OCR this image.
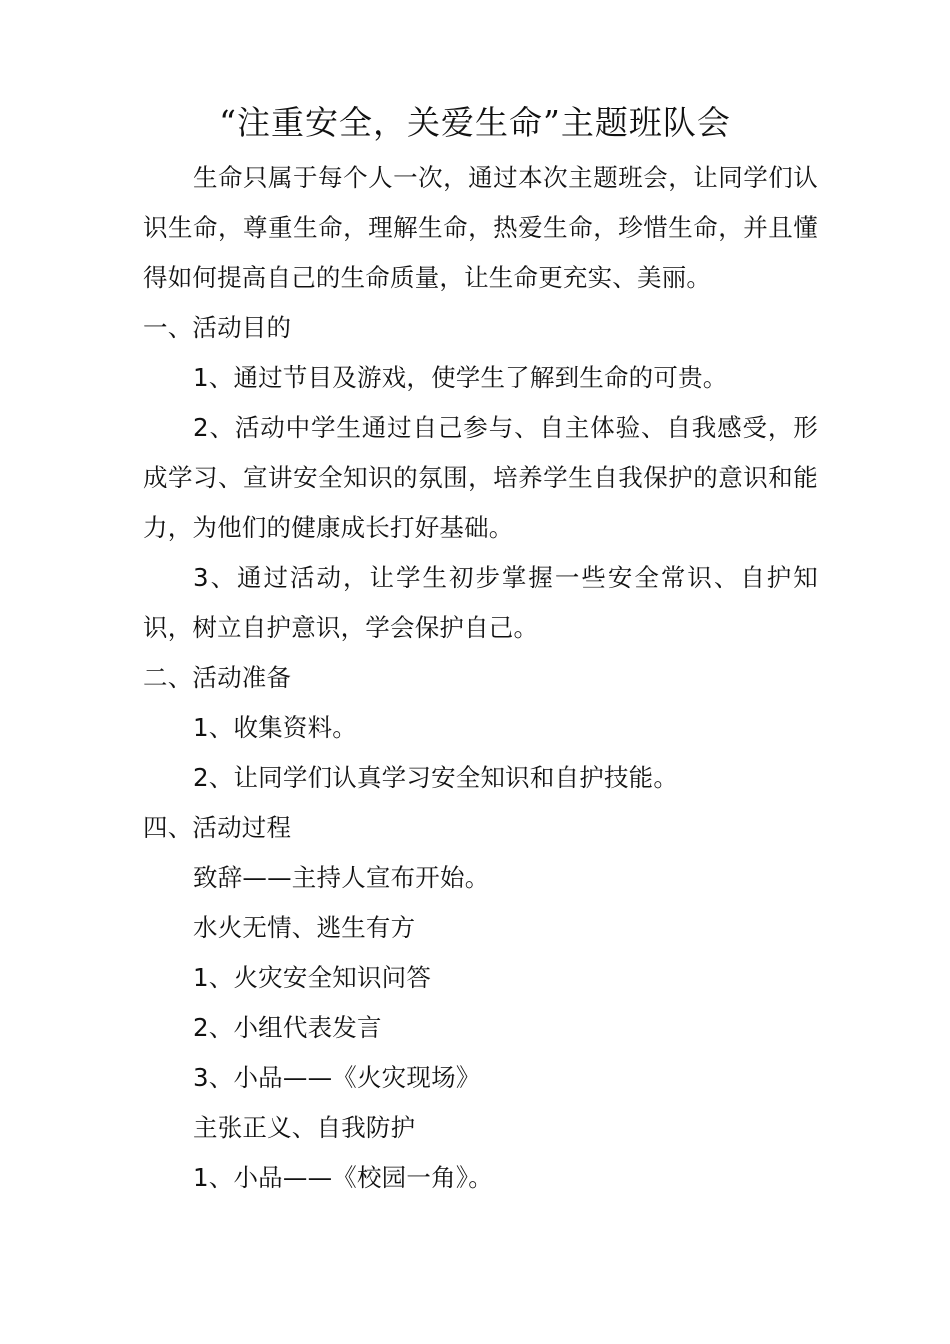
“注重安全，关爱生命”主题班队会

生命只属于每个人一次，通过本次主题班会，让同学们认识生命，尊重生命，理解生命，热爱生命，珍惜生命，并且懂得如何提高自己的生命质量，让生命更充实、美丽。

一、活动目的

1、通过节目及游戏，使学生了解到生命的可贵。

2、活动中学生通过自己参与、自主体验、自我感受，形成学习、宣讲安全知识的氛围，培养学生自我保护的意识和能力，为他们的健康成长打好基础。

3、通过活动，让学生初步掌握一些安全常识、自护知识，树立自护意识，学会保护自己。

二、活动准备

1、收集资料。

2、让同学们认真学习安全知识和自护技能。

四、活动过程

致辞——主持人宣布开始。

水火无情、逃生有方

1、火灾安全知识问答

2、小组代表发言

3、小品——《火灾现场》

主张正义、自我防护

1、小品——《校园一角》。
